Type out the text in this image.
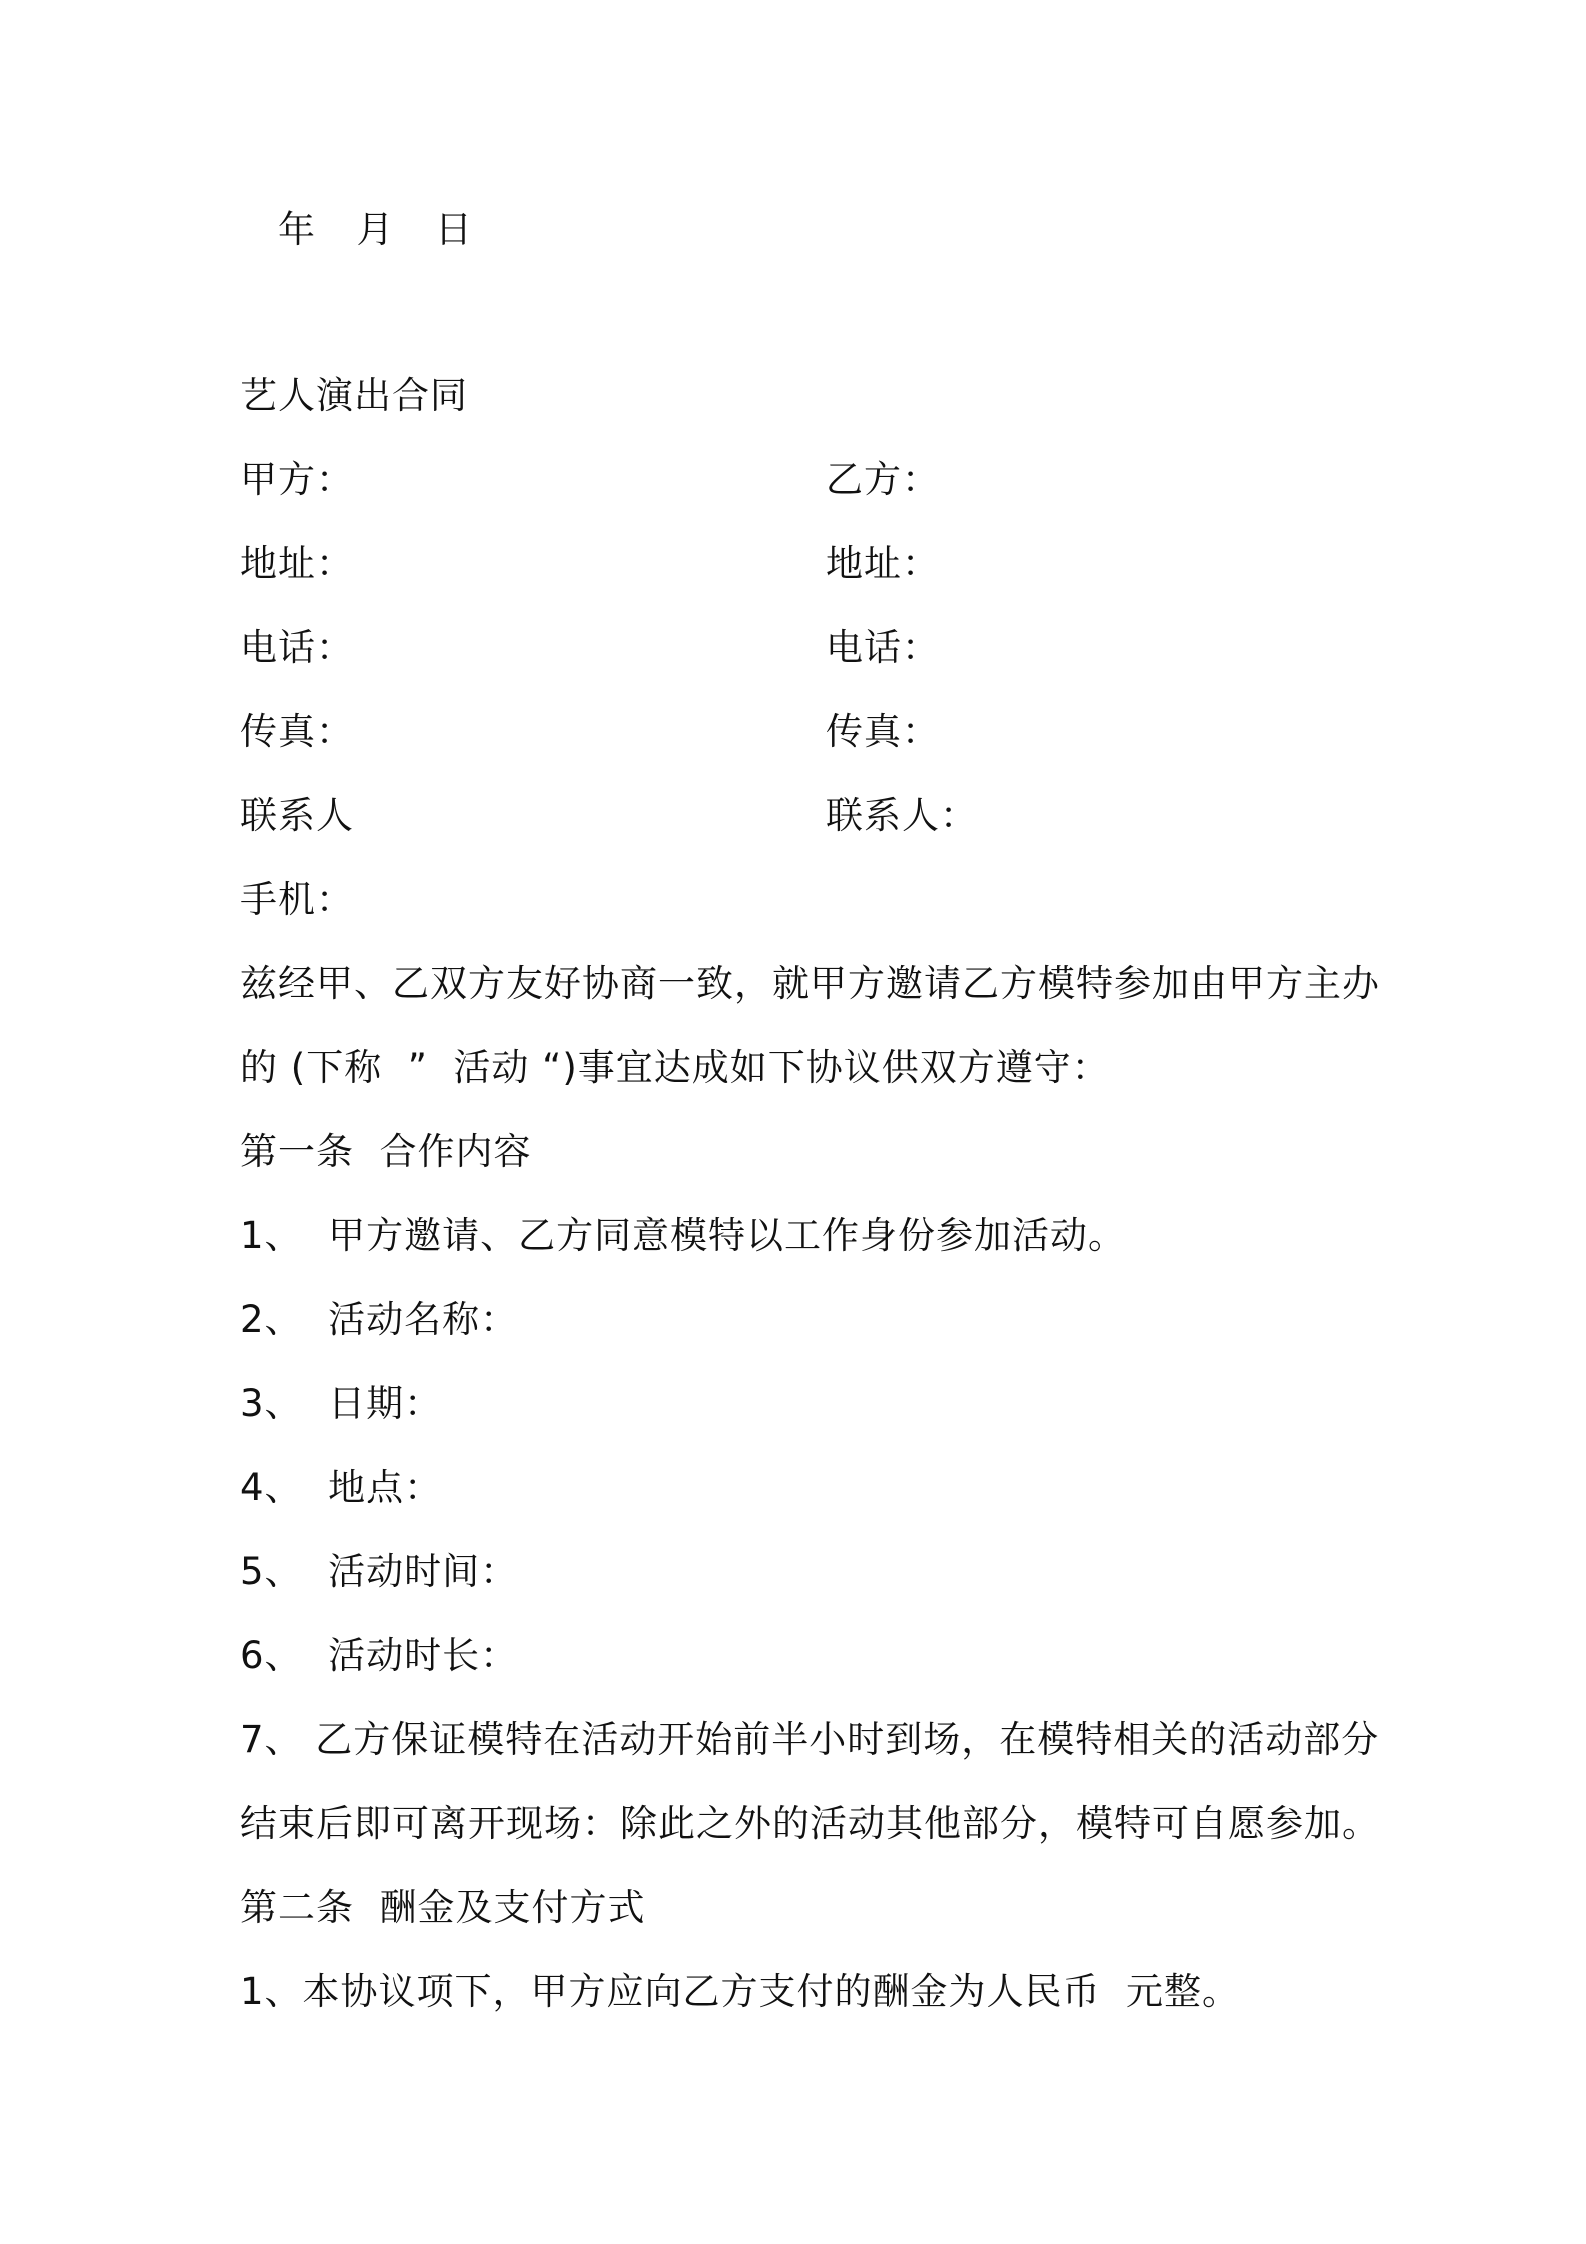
年  月  日
艺人演出合同
甲方：	乙方：
地址：	地址：
电话：	电话：
传真：	传真：
联系人	联系人：
手机：
兹经甲、乙双方友好协商一致，就甲方邀请乙方模特参加由甲方主办
的 (下称  ”  活动 “)事宜达成如下协议供双方遵守：
第一条  合作内容
1、  甲方邀请、乙方同意模特以工作身份参加活动。
2、  活动名称：
3、  日期：
4、  地点：
5、  活动时间：
6、  活动时长：
7、 乙方保证模特在活动开始前半小时到场，在模特相关的活动部分
结束后即可离开现场：除此之外的活动其他部分，模特可自愿参加。
第二条  酬金及支付方式
1、本协议项下，甲方应向乙方支付的酬金为人民币  元整。
